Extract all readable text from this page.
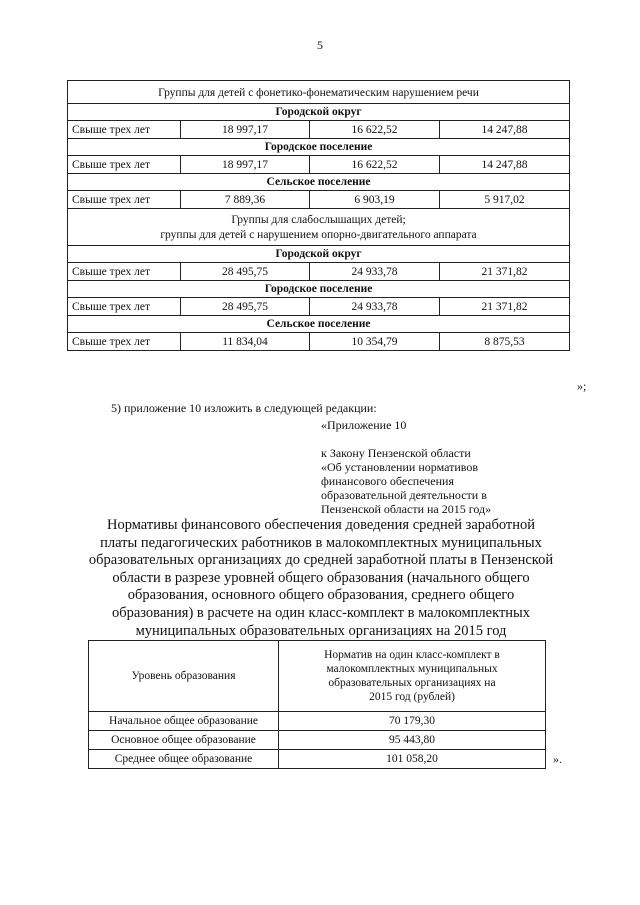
5
Группы для детей с фонетико-фонематическим нарушением речи			
Городской округ			
Свыше трех лет	18 997,17	16 622,52	14 247,88
Городское поселение			
Свыше трех лет	18 997,17	16 622,52	14 247,88
Сельское поселение			
Свыше трех лет	7 889,36	6 903,19	5 917,02
Группы для слабослышащих детей;
группы для детей с нарушением опорно-двигательного аппарата			
Городской округ			
Свыше трех лет	28 495,75	24 933,78	21 371,82
Городское поселение			
Свыше трех лет	28 495,75	24 933,78	21 371,82
Сельское поселение			
Свыше трех лет	11 834,04	10 354,79	8 875,53
»;
5) приложение 10 изложить в следующей редакции:
«Приложение 10
к Закону Пензенской области
«Об установлении нормативов
финансового обеспечения
образовательной деятельности в
Пензенской области на 2015 год»
Нормативы финансового обеспечения доведения средней заработной
платы педагогических работников в малокомплектных муниципальных
образовательных организациях до средней заработной платы в Пензенской
области в разрезе уровней общего образования (начального общего
образования, основного общего образования, среднего общего
образования) в расчете на один класс-комплект в малокомплектных
муниципальных образовательных организациях на 2015 год
Уровень образования	Норматив на один класс-комплект в
малокомплектных муниципальных
образовательных организациях на
2015 год (рублей)
Начальное общее образование	70 179,30
Основное общее образование	95 443,80
Среднее общее образование	101 058,20	».
